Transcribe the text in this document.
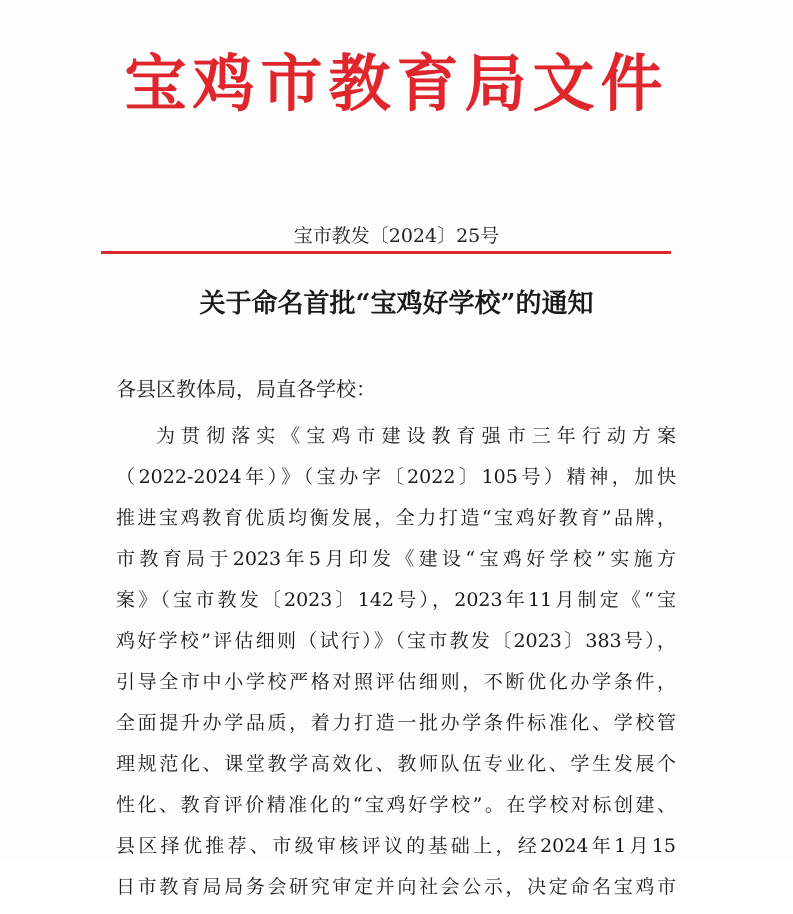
宝鸡市教育局文件
宝市教发〔2024〕25号
关于命名首批“宝鸡好学校”的通知
各县区教体局，局直各学校：
为贯彻落实《宝鸡市建设教育强市三年行动方案
（2022-2024年）》（宝办字〔2022〕105号）精神，加快
推进宝鸡教育优质均衡发展，全力打造“宝鸡好教育”品牌，
市教育局于2023年5月印发《建设“宝鸡好学校”实施方
案》（宝市教发〔2023〕142号），2023年11月制定《“宝
鸡好学校”评估细则（试行）》（宝市教发〔2023〕383号），
引导全市中小学校严格对照评估细则，不断优化办学条件，
全面提升办学品质，着力打造一批办学条件标准化、学校管
理规范化、课堂教学高效化、教师队伍专业化、学生发展个
性化、教育评价精准化的“宝鸡好学校”。在学校对标创建、
县区择优推荐、市级审核评议的基础上，经2024年1月15
日市教育局局务会研究审定并向社会公示，决定命名宝鸡市
